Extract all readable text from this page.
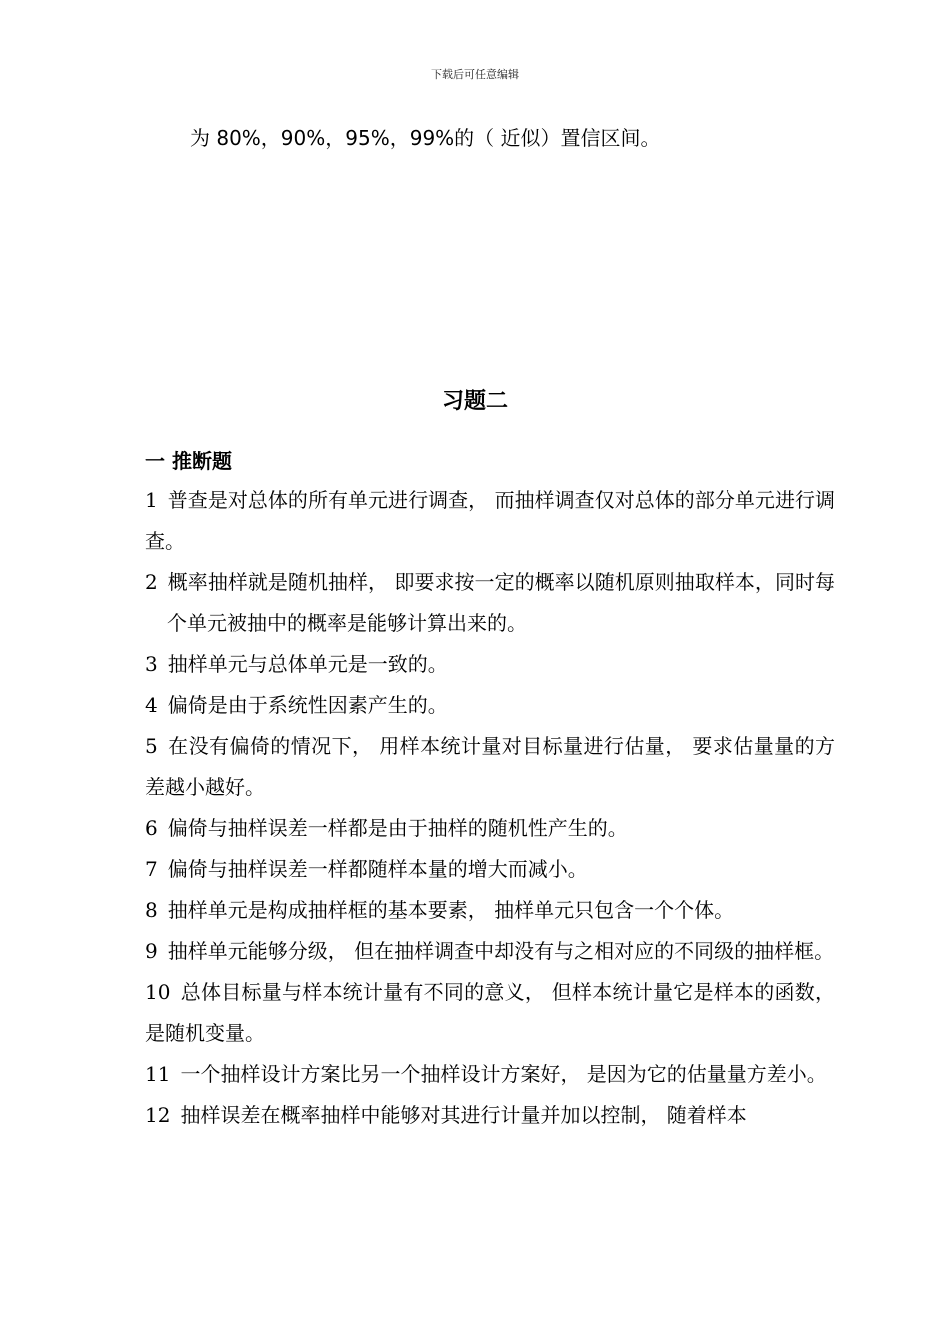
下载后可任意编辑
为 80%，90%，95%，99%的（ 近似）置信区间。
习题二
一 推断题
1 普查是对总体的所有单元进行调查， 而抽样调查仅对总体的部分单元进行调查。
2 概率抽样就是随机抽样， 即要求按一定的概率以随机原则抽取样本，同时每个单元被抽中的概率是能够计算出来的。
3 抽样单元与总体单元是一致的。
4 偏倚是由于系统性因素产生的。
5 在没有偏倚的情况下， 用样本统计量对目标量进行估量， 要求估量量的方差越小越好。
6 偏倚与抽样误差一样都是由于抽样的随机性产生的。
7 偏倚与抽样误差一样都随样本量的增大而减小。
8 抽样单元是构成抽样框的基本要素， 抽样单元只包含一个个体。
9 抽样单元能够分级， 但在抽样调查中却没有与之相对应的不同级的抽样框。
10 总体目标量与样本统计量有不同的意义， 但样本统计量它是样本的函数， 是随机变量。
11 一个抽样设计方案比另一个抽样设计方案好， 是因为它的估量量方差小。
12 抽样误差在概率抽样中能够对其进行计量并加以控制， 随着样本
